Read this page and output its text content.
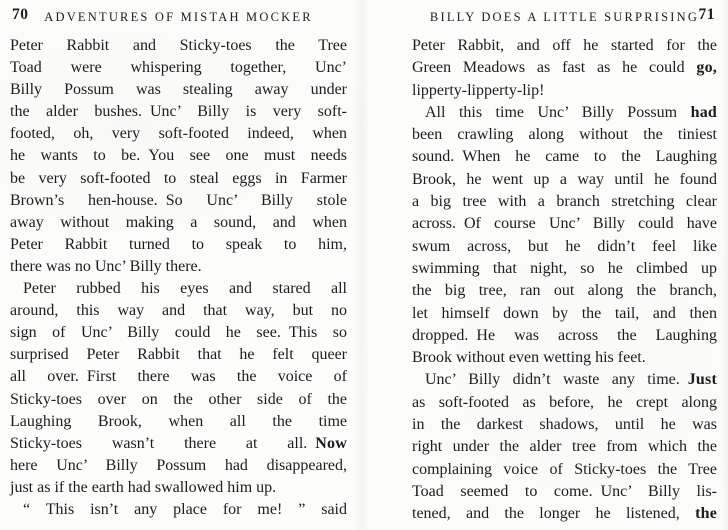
70 ADVENTURES OF MISTAH MOCKER
Peter Rabbit and Sticky-toes the Tree
Toad were whispering together, Unc’
Billy Possum was stealing away under
the alder bushes. Unc’ Billy is very soft-
footed, oh, very soft-footed indeed, when
he wants to be. You see one must needs
be very soft-footed to steal eggs in Farmer
Brown’s hen-house. So Unc’ Billy stole
away without making a sound, and when
Peter Rabbit turned to speak to him,
there was no Unc’ Billy there.
Peter rubbed his eyes and stared all
around, this way and that way, but no
sign of Unc’ Billy could he see. This so
surprised Peter Rabbit that he felt queer
all over. First there was the voice of
Sticky-toes over on the other side of the
Laughing Brook, when all the time
Sticky-toes wasn’t there at all. Now
here Unc’ Billy Possum had disappeared,
just as if the earth had swallowed him up.
“ This isn’t any place for me! ” said
BILLY DOES A LITTLE SURPRISING 71
Peter Rabbit, and off he started for the
Green Meadows as fast as he could go,
lipperty-lipperty-lip!
All this time Unc’ Billy Possum had
been crawling along without the tiniest
sound. When he came to the Laughing
Brook, he went up a way until he found
a big tree with a branch stretching clear
across. Of course Unc’ Billy could have
swum across, but he didn’t feel like
swimming that night, so he climbed up
the big tree, ran out along the branch,
let himself down by the tail, and then
dropped. He was across the Laughing
Brook without even wetting his feet.
Unc’ Billy didn’t waste any time. Just
as soft-footed as before, he crept along
in the darkest shadows, until he was
right under the alder tree from which the
complaining voice of Sticky-toes the Tree
Toad seemed to come. Unc’ Billy lis-
tened, and the longer he listened, the
